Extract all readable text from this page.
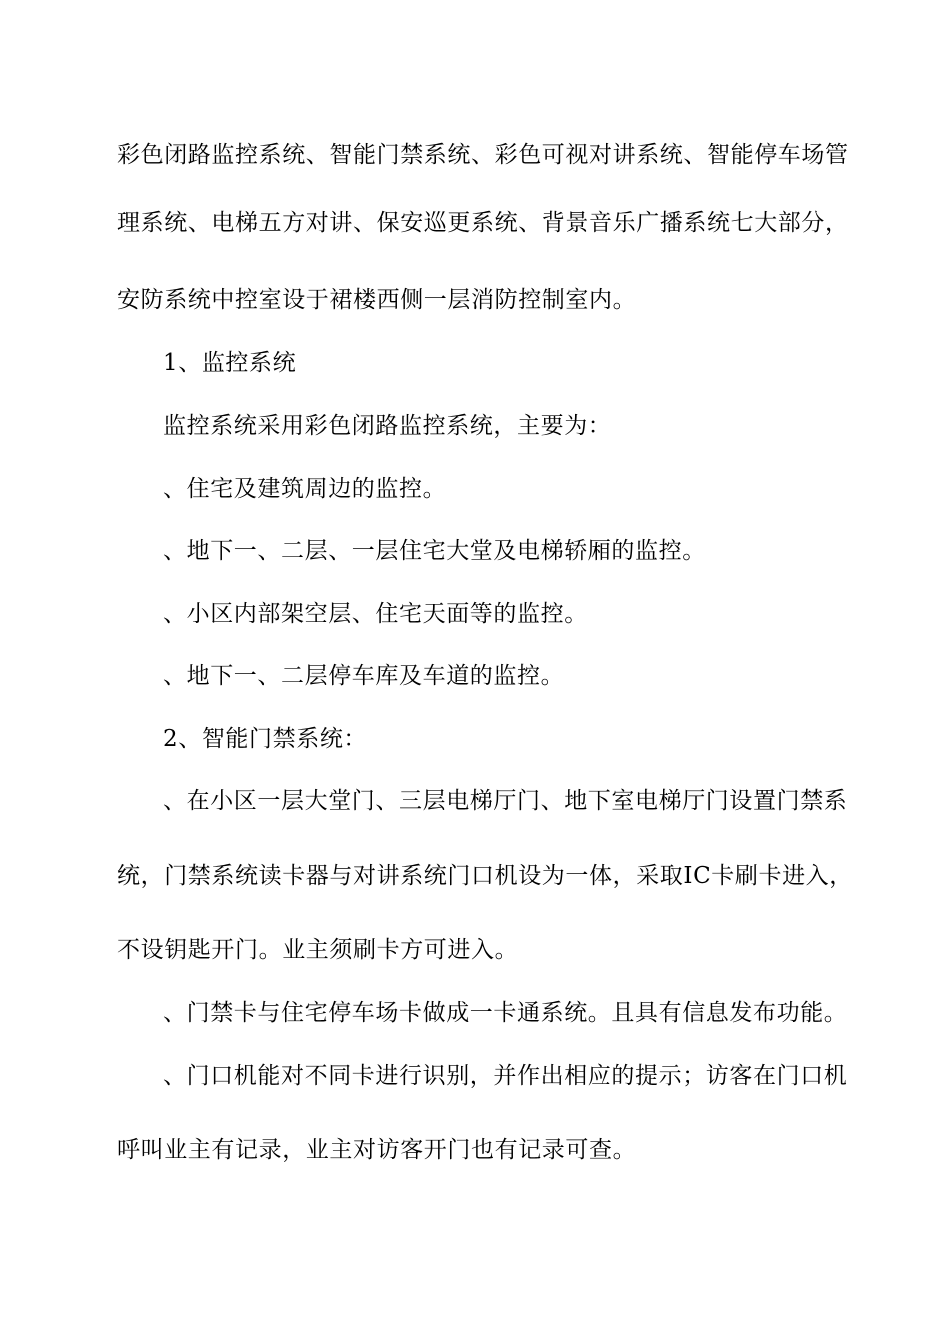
彩色闭路监控系统、智能门禁系统、彩色可视对讲系统、智能停车场管
理系统、电梯五方对讲、保安巡更系统、背景音乐广播系统七大部分，
安防系统中控室设于裙楼西侧一层消防控制室内。
1、监控系统
监控系统采用彩色闭路监控系统，主要为：
、住宅及建筑周边的监控。
、地下一、二层、一层住宅大堂及电梯轿厢的监控。
、小区内部架空层、住宅天面等的监控。
、地下一、二层停车库及车道的监控。
2、智能门禁系统：
、在小区一层大堂门、三层电梯厅门、地下室电梯厅门设置门禁系
统，门禁系统读卡器与对讲系统门口机设为一体，采取IC卡刷卡进入，
不设钥匙开门。业主须刷卡方可进入。
、门禁卡与住宅停车场卡做成一卡通系统。且具有信息发布功能。
、门口机能对不同卡进行识别，并作出相应的提示；访客在门口机
呼叫业主有记录，业主对访客开门也有记录可查。
